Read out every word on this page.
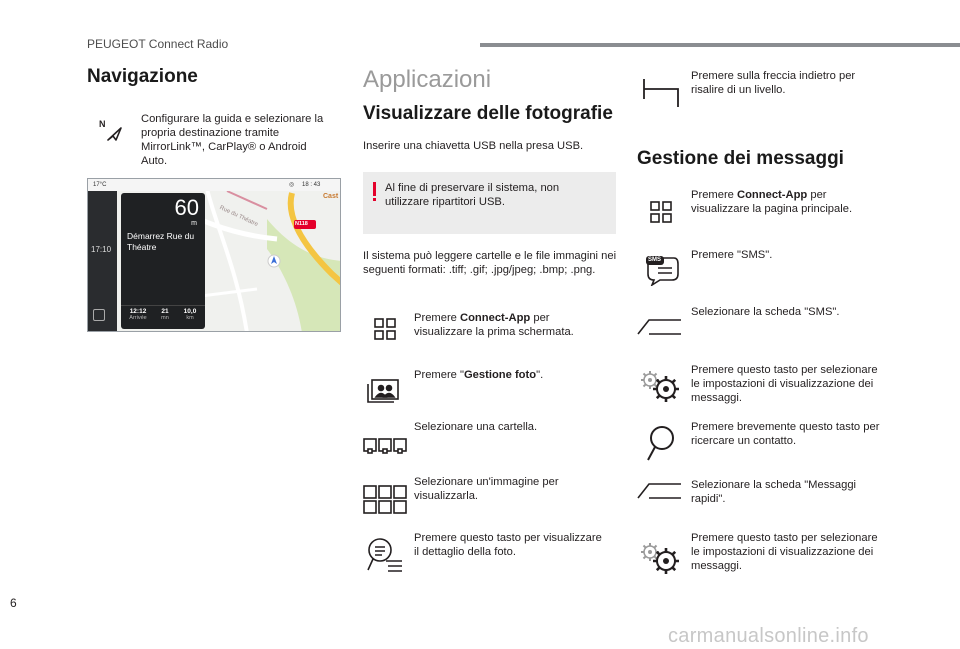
PEUGEOT Connect Radio
Navigazione
N	Configurare la guida e selezionare la propria destinazione tramite MirrorLink™, CarPlay® o Android Auto.
N118
Rue du Théatre
Cast
17:10
17°C	18 : 43
◎
60
m
Démarrez Rue du Théatre
12:12
Arrivée
21
mn
10,0
km
Applicazioni
Visualizzare delle fotografie
Inserire una chiavetta USB nella presa USB.
Al fine di preservare il sistema, non utilizzare ripartitori USB.
Il sistema può leggere cartelle e le file immagini nei seguenti formati: .tiff; .gif; .jpg/jpeg; .bmp; .png.
Premere Connect-App per visualizzare la prima schermata.
Premere "Gestione foto".
Selezionare una cartella.
Selezionare un'immagine per visualizzarla.
Premere questo tasto per visualizzare il dettaglio della foto.
Premere sulla freccia indietro per risalire di un livello.
Gestione dei messaggi
Premere Connect-App per visualizzare la pagina principale.
SMS	Premere "SMS".
Selezionare la scheda "SMS".
Premere questo tasto per selezionare le impostazioni di visualizzazione dei messaggi.
Premere brevemente questo tasto per ricercare un contatto.
Selezionare la scheda "Messaggi rapidi".
Premere questo tasto per selezionare le impostazioni di visualizzazione dei messaggi.
6
carmanualsonline.info
